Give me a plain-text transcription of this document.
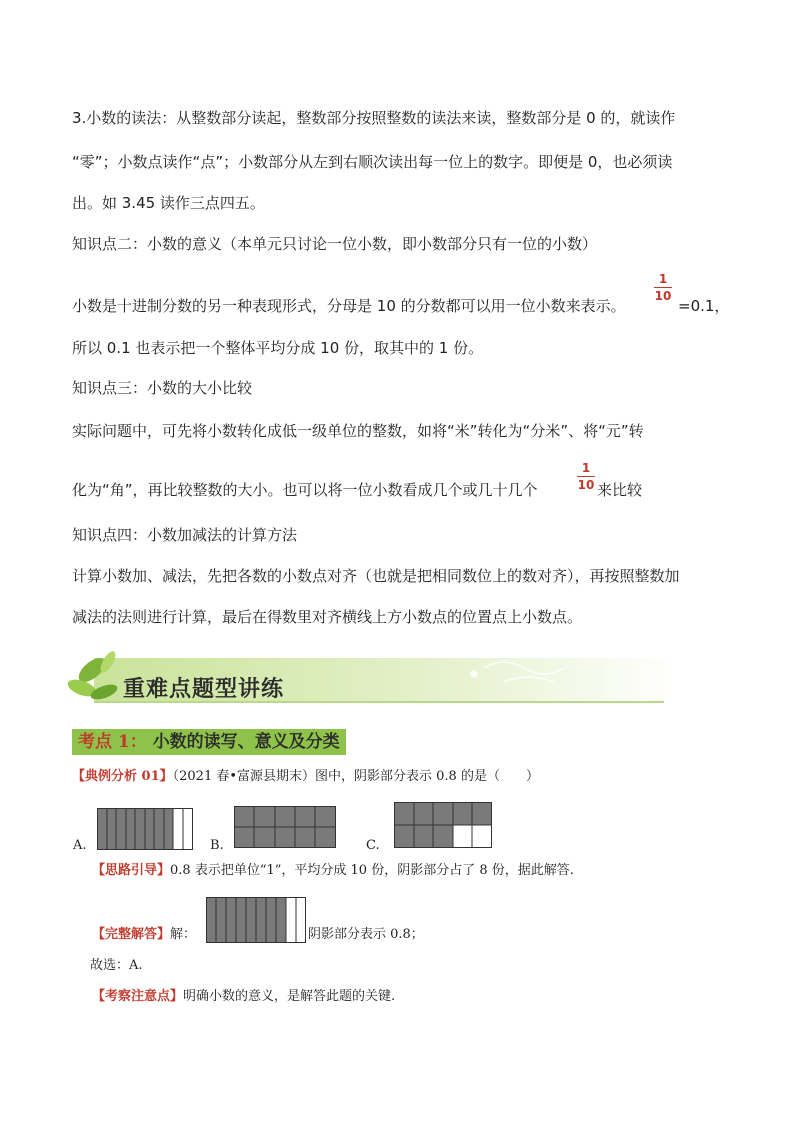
3.小数的读法：从整数部分读起，整数部分按照整数的读法来读，整数部分是 0 的，就读作
“零”；小数点读作“点”；小数部分从左到右顺次读出每一位上的数字。即便是 0，也必须读
出。如 3.45 读作三点四五。
知识点二：小数的意义（本单元只讨论一位小数，即小数部分只有一位的小数）
小数是十进制分数的另一种表现形式，分母是 10 的分数都可以用一位小数来表示。
1
10
=0.1，
所以 0.1 也表示把一个整体平均分成 10 份，取其中的 1 份。
知识点三：小数的大小比较
实际问题中，可先将小数转化成低一级单位的整数，如将“米”转化为“分米”、将“元”转
化为“角”，再比较整数的大小。也可以将一位小数看成几个或几十几个
1
10 来比较
知识点四：小数加减法的计算方法
计算小数加、减法，先把各数的小数点对齐（也就是把相同数位上的数对齐），再按照整数加
减法的法则进行计算，最后在得数里对齐横线上方小数点的位置点上小数点。
重难点题型讲练
考点 1： 小数的读写、意义及分类
【典例分析 01】（2021 春•富源县期末）图中，阴影部分表示 0.8 的是（　　）
A.	B.	C.
【思路引导】0.8 表示把单位“1”，平均分成 10 份，阴影部分占了 8 份，据此解答.
【完整解答】解：	阴影部分表示 0.8；
故选：A.
【考察注意点】明确小数的意义，是解答此题的关键.
